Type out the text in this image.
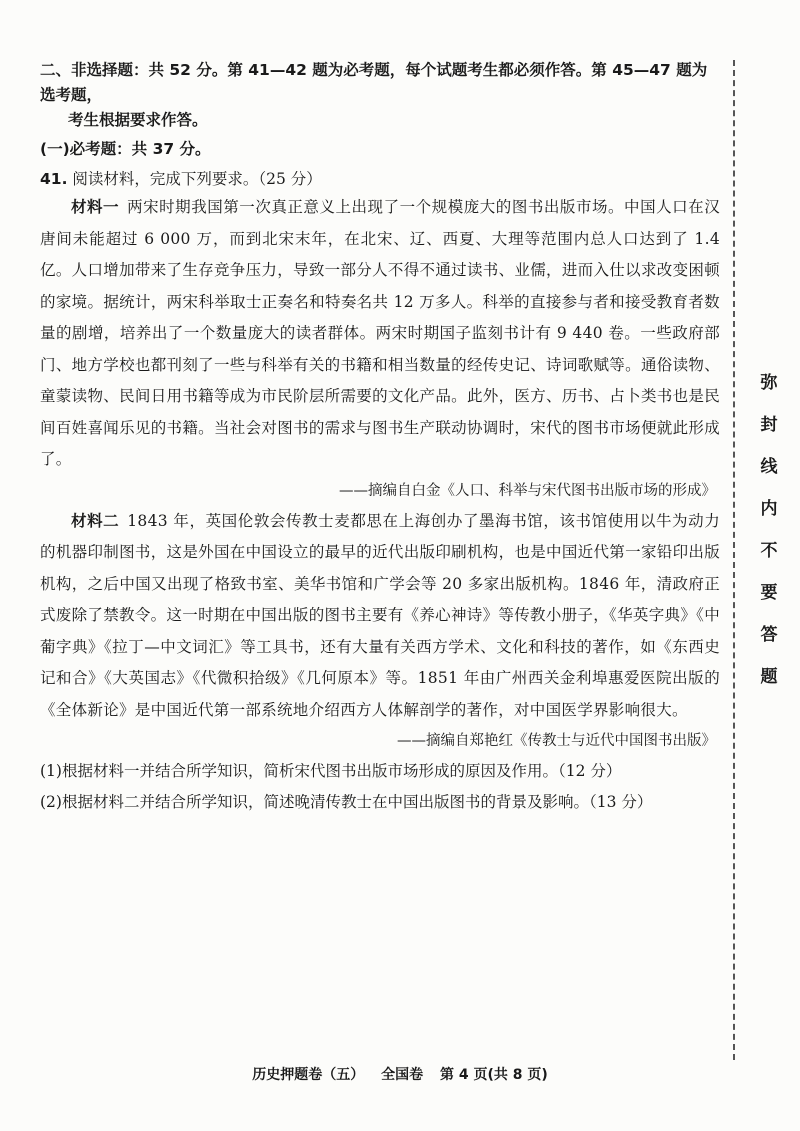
二、非选择题：共 52 分。第 41—42 题为必考题，每个试题考生都必须作答。第 45—47 题为选考题，
考生根据要求作答。
(一)必考题：共 37 分。
41. 阅读材料，完成下列要求。（25 分）

材料一 两宋时期我国第一次真正意义上出现了一个规模庞大的图书出版市场。中国人口在汉唐间未能超过 6 000 万，而到北宋末年，在北宋、辽、西夏、大理等范围内总人口达到了 1.4 亿。人口增加带来了生存竞争压力，导致一部分人不得不通过读书、业儒，进而入仕以求改变困顿的家境。据统计，两宋科举取士正奏名和特奏名共 12 万多人。科举的直接参与者和接受教育者数量的剧增，培养出了一个数量庞大的读者群体。两宋时期国子监刻书计有 9 440 卷。一些政府部门、地方学校也都刊刻了一些与科举有关的书籍和相当数量的经传史记、诗词歌赋等。通俗读物、童蒙读物、民间日用书籍等成为市民阶层所需要的文化产品。此外，医方、历书、占卜类书也是民间百姓喜闻乐见的书籍。当社会对图书的需求与图书生产联动协调时，宋代的图书市场便就此形成了。

——摘编自白金《人口、科举与宋代图书出版市场的形成》

材料二 1843 年，英国伦敦会传教士麦都思在上海创办了墨海书馆，该书馆使用以牛为动力的机器印制图书，这是外国在中国设立的最早的近代出版印刷机构，也是中国近代第一家铅印出版机构，之后中国又出现了格致书室、美华书馆和广学会等 20 多家出版机构。1846 年，清政府正式废除了禁教令。这一时期在中国出版的图书主要有《养心神诗》等传教小册子，《华英字典》《中葡字典》《拉丁—中文词汇》等工具书，还有大量有关西方学术、文化和科技的著作，如《东西史记和合》《大英国志》《代微积拾级》《几何原本》等。1851 年由广州西关金利埠惠爱医院出版的《全体新论》是中国近代第一部系统地介绍西方人体解剖学的著作，对中国医学界影响很大。

——摘编自郑艳红《传教士与近代中国图书出版》

(1)根据材料一并结合所学知识，简析宋代图书出版市场形成的原因及作用。（12 分）

(2)根据材料二并结合所学知识，简述晚清传教士在中国出版图书的背景及影响。（13 分）

弥
封
线
内
不
要
答
题
历史押题卷（五） 全国卷 第 4 页(共 8 页)
